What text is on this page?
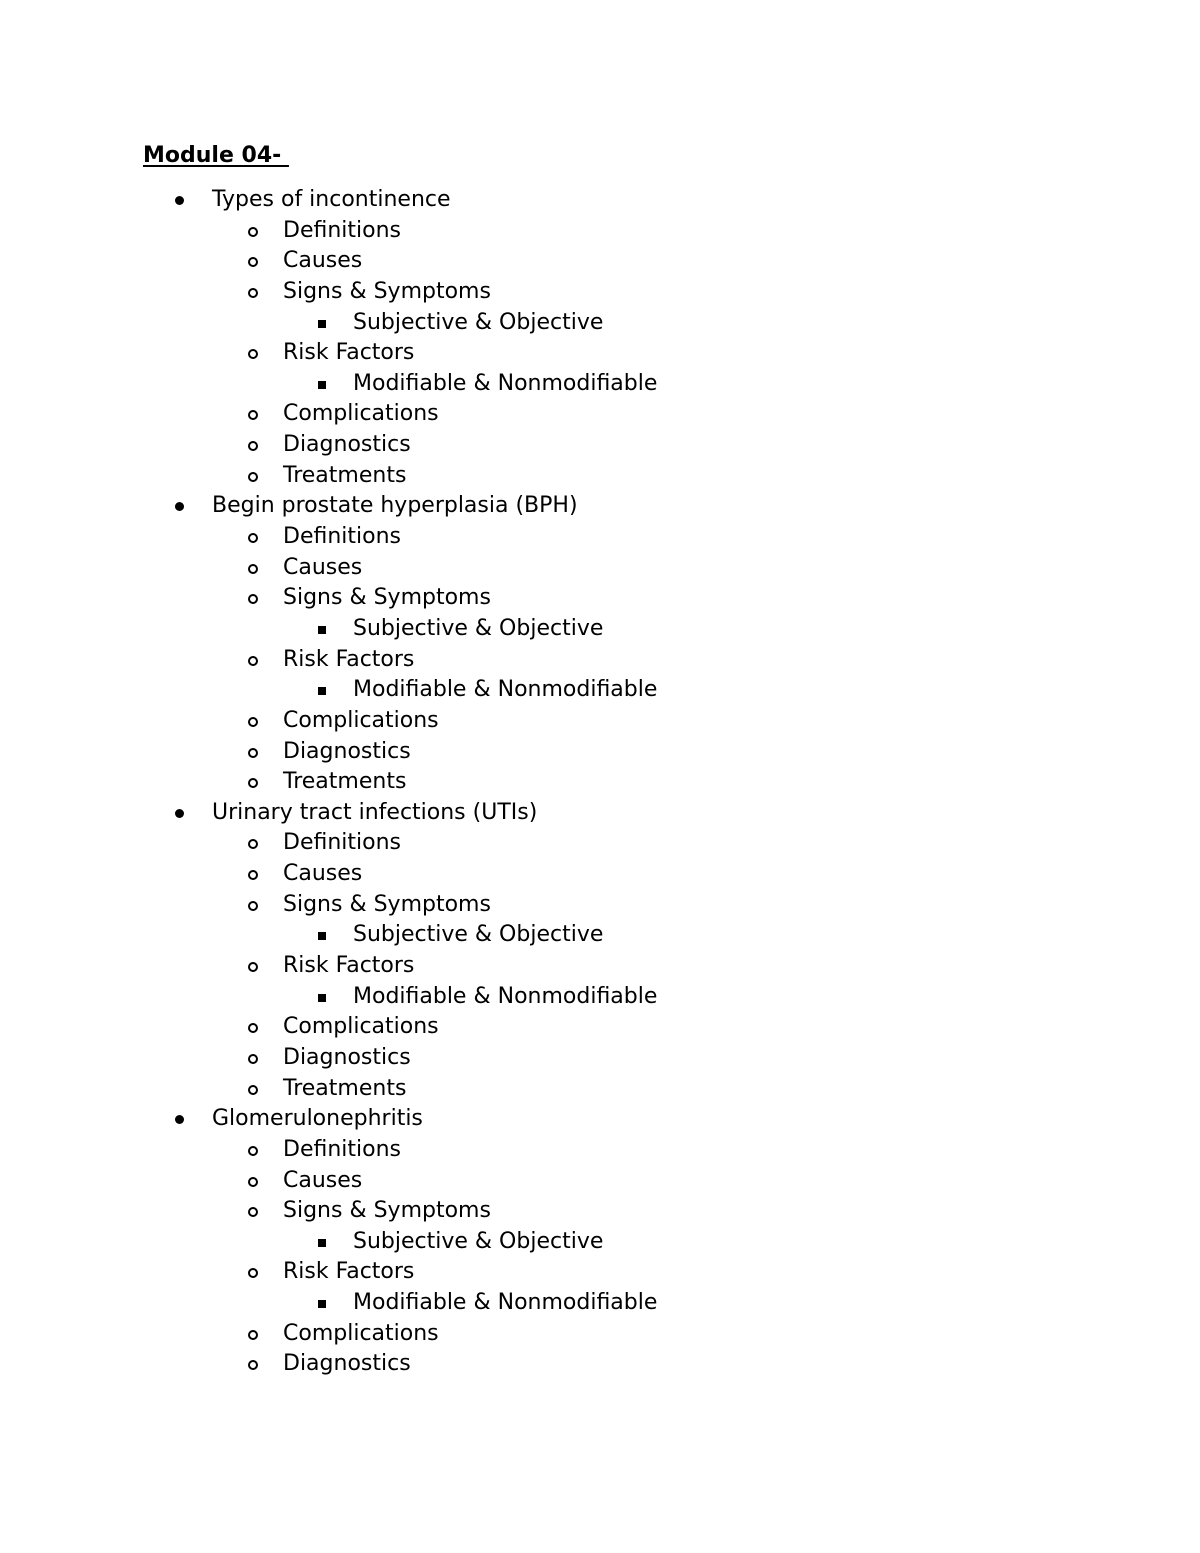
Module 04-
Types of incontinence
Definitions
Causes
Signs & Symptoms
Subjective & Objective
Risk Factors
Modifiable & Nonmodifiable
Complications
Diagnostics
Treatments
Begin prostate hyperplasia (BPH)
Definitions
Causes
Signs & Symptoms
Subjective & Objective
Risk Factors
Modifiable & Nonmodifiable
Complications
Diagnostics
Treatments
Urinary tract infections (UTIs)
Definitions
Causes
Signs & Symptoms
Subjective & Objective
Risk Factors
Modifiable & Nonmodifiable
Complications
Diagnostics
Treatments
Glomerulonephritis
Definitions
Causes
Signs & Symptoms
Subjective & Objective
Risk Factors
Modifiable & Nonmodifiable
Complications
Diagnostics
